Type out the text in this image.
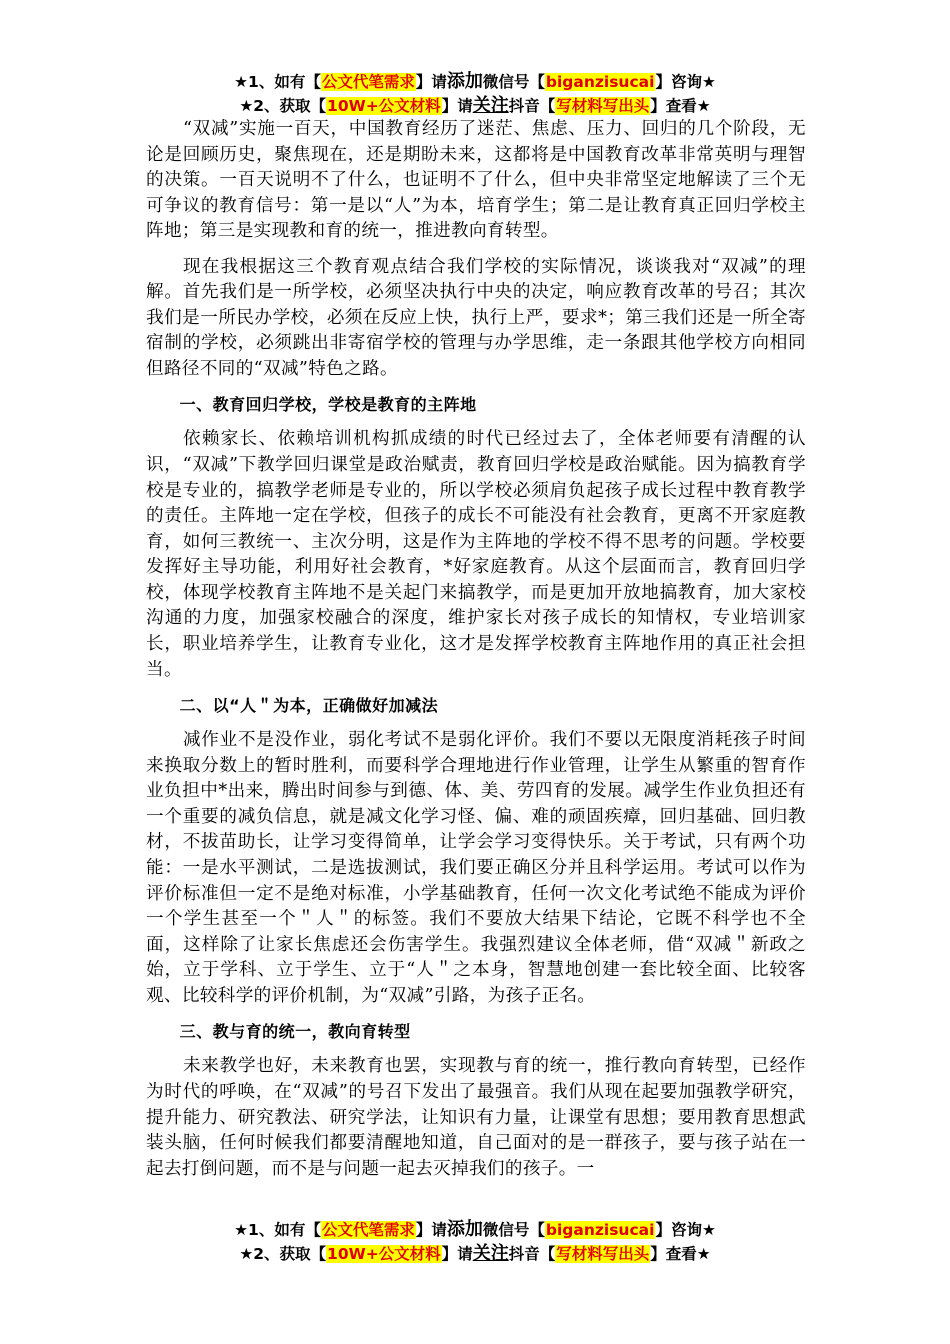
★1、如有【公文代笔需求】请添加微信号【biganzisucai】咨询★
★2、获取【10W+公文材料】请关注抖音【写材料写出头】查看★

“双减”实施一百天，中国教育经历了迷茫、焦虑、压力、回归的几个阶段，无论是回顾历史，聚焦现在，还是期盼未来，这都将是中国教育改革非常英明与理智的决策。一百天说明不了什么，也证明不了什么，但中央非常坚定地解读了三个无可争议的教育信号：第一是以“人”为本，培育学生；第二是让教育真正回归学校主阵地；第三是实现教和育的统一，推进教向育转型。

现在我根据这三个教育观点结合我们学校的实际情况，谈谈我对“双减”的理解。首先我们是一所学校，必须坚决执行中央的决定，响应教育改革的号召；其次我们是一所民办学校，必须在反应上快，执行上严，要求*；第三我们还是一所全寄宿制的学校，必须跳出非寄宿学校的管理与办学思维，走一条跟其他学校方向相同但路径不同的“双减”特色之路。

一、教育回归学校，学校是教育的主阵地

依赖家长、依赖培训机构抓成绩的时代已经过去了，全体老师要有清醒的认识，“双减”下教学回归课堂是政治赋责，教育回归学校是政治赋能。因为搞教育学校是专业的，搞教学老师是专业的，所以学校必须肩负起孩子成长过程中教育教学的责任。主阵地一定在学校，但孩子的成长不可能没有社会教育，更离不开家庭教育，如何三教统一、主次分明，这是作为主阵地的学校不得不思考的问题。学校要发挥好主导功能，利用好社会教育，*好家庭教育。从这个层面而言，教育回归学校，体现学校教育主阵地不是关起门来搞教学，而是更加开放地搞教育，加大家校沟通的力度，加强家校融合的深度，维护家长对孩子成长的知情权，专业培训家长，职业培养学生，让教育专业化，这才是发挥学校教育主阵地作用的真正社会担当。

二、以“人＂为本，正确做好加减法

减作业不是没作业，弱化考试不是弱化评价。我们不要以无限度消耗孩子时间来换取分数上的暂时胜利，而要科学合理地进行作业管理，让学生从繁重的智育作业负担中*出来，腾出时间参与到德、体、美、劳四育的发展。减学生作业负担还有一个重要的减负信息，就是减文化学习怪、偏、难的顽固疾瘴，回归基础、回归教材，不拔苗助长，让学习变得简单，让学会学习变得快乐。关于考试，只有两个功能：一是水平测试，二是选拔测试，我们要正确区分并且科学运用。考试可以作为评价标准但一定不是绝对标准，小学基础教育，任何一次文化考试绝不能成为评价一个学生甚至一个＂人＂的标签。我们不要放大结果下结论，它既不科学也不全面，这样除了让家长焦虑还会伤害学生。我强烈建议全体老师，借“双减＂新政之始，立于学科、立于学生、立于“人＂之本身，智慧地创建一套比较全面、比较客观、比较科学的评价机制，为“双减”引路，为孩子正名。

三、教与育的统一，教向育转型

未来教学也好，未来教育也罢，实现教与育的统一，推行教向育转型，已经作为时代的呼唤，在“双减”的号召下发出了最强音。我们从现在起要加强教学研究，提升能力、研究教法、研究学法，让知识有力量，让课堂有思想；要用教育思想武装头脑，任何时候我们都要清醒地知道，自己面对的是一群孩子，要与孩子站在一起去打倒问题，而不是与问题一起去灭掉我们的孩子。一

★1、如有【公文代笔需求】请添加微信号【biganzisucai】咨询★
★2、获取【10W+公文材料】请关注抖音【写材料写出头】查看★
